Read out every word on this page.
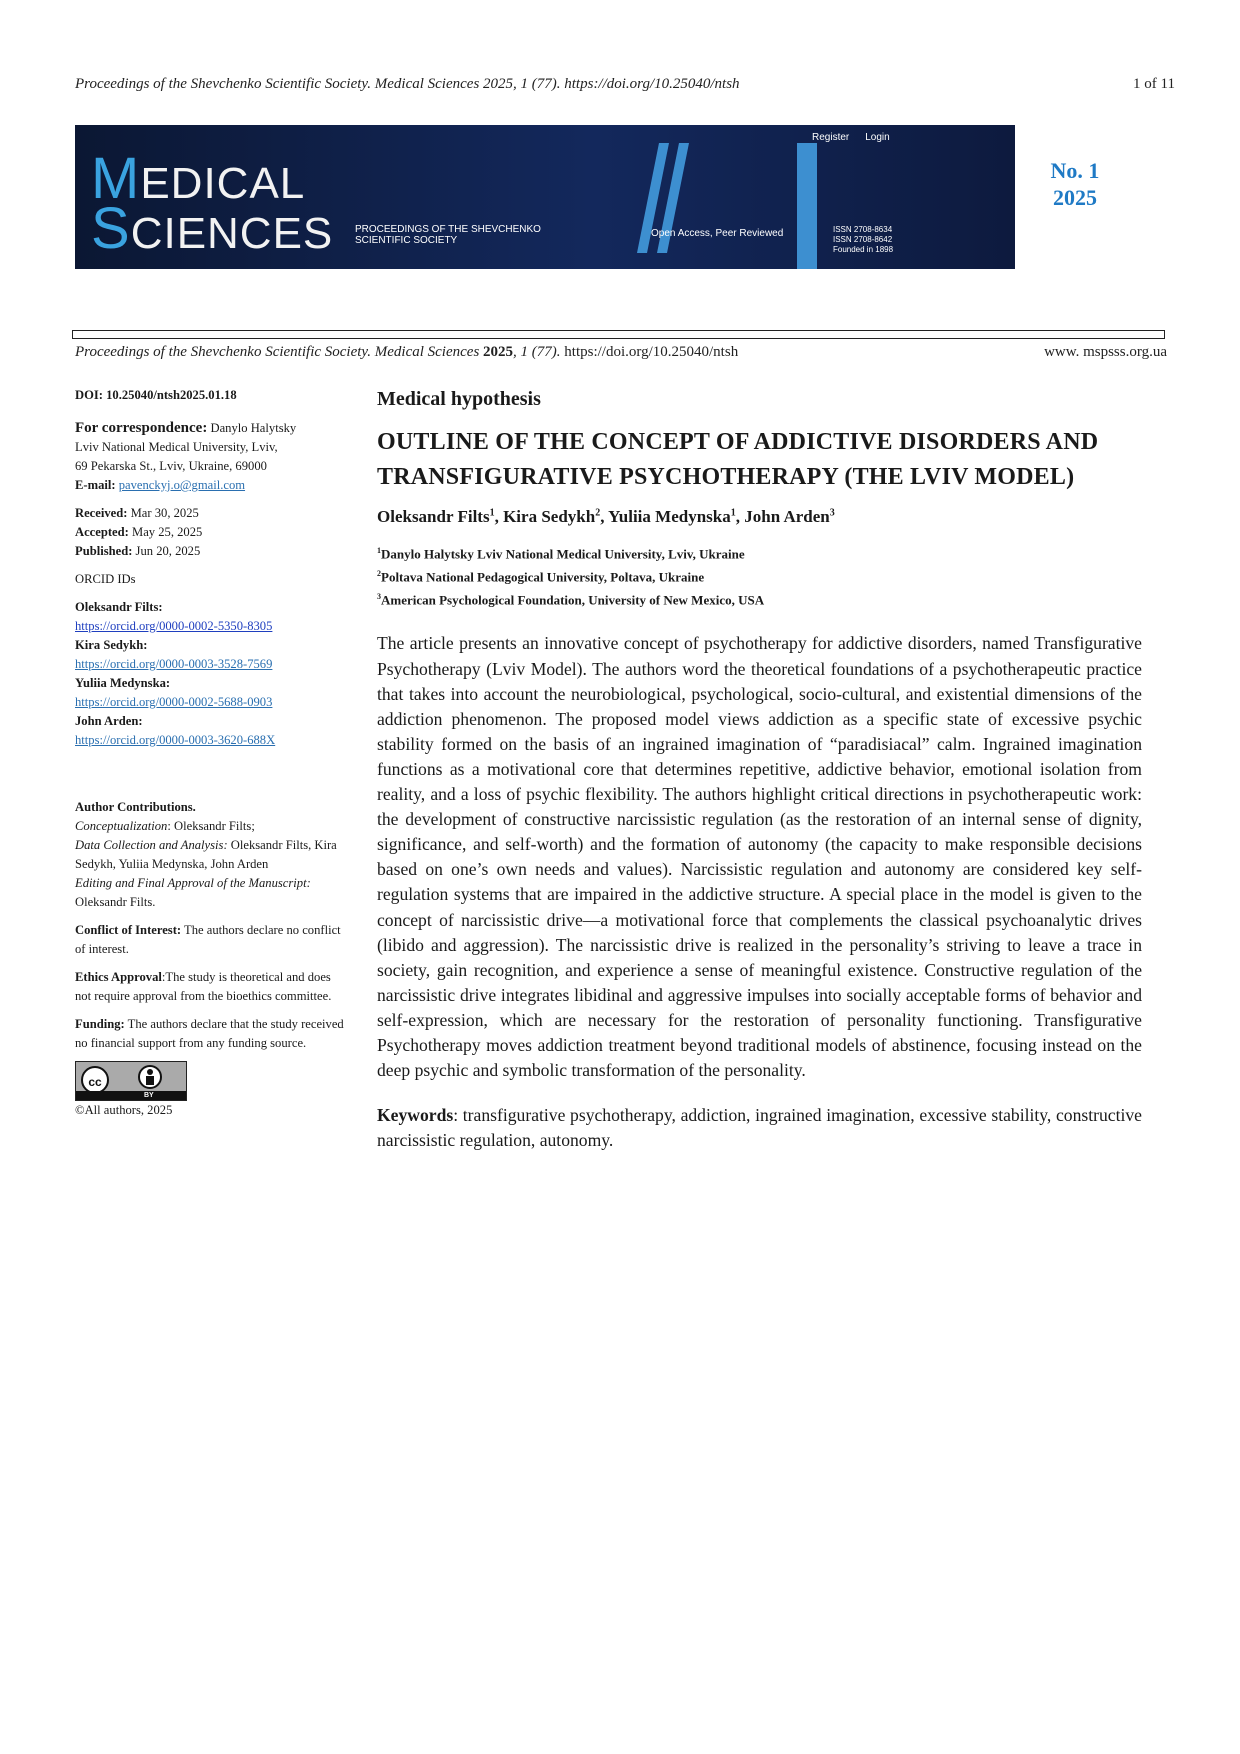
Proceedings of the Shevchenko Scientific Society. Medical Sciences 2025, 1 (77). https://doi.org/10.25040/ntsh	1 of 11
MEDICAL
SCIENCES PROCEEDINGS OF THE SHEVCHENKO
SCIENTIFIC SOCIETY
Open Access, Peer Reviewed
Register Login
ISSN 2708-8634
ISSN 2708-8642
Founded in 1898
No. 1
2025
Proceedings of the Shevchenko Scientific Society. Medical Sciences 2025, 1 (77). https://doi.org/10.25040/ntsh	www. mspsss.org.ua

DOI: 10.25040/ntsh2025.01.18

For correspondence: Danylo Halytsky

Lviv National Medical University, Lviv,

69 Pekarska St., Lviv, Ukraine, 69000

E-mail: pavenckyj.o@gmail.com

Received: Mar 30, 2025

Accepted: May 25, 2025

Published: Jun 20, 2025

ORCID IDs

Oleksandr Filts:

https://orcid.org/0000-0002-5350-8305

Kira Sedykh:

https://orcid.org/0000-0003-3528-7569

Yuliia Medynska:

https://orcid.org/0000-0002-5688-0903

John Arden:

https://orcid.org/0000-0003-3620-688X

Author Contributions.

Conceptualization: Oleksandr Filts;

Data Collection and Analysis: Oleksandr Filts, Kira Sedykh, Yuliia Medynska, John Arden

Editing and Final Approval of the Manuscript: Oleksandr Filts.

Conflict of Interest: The authors declare no conflict of interest.

Ethics Approval:The study is theoretical and does not require approval from the bioethics committee.

Funding: The authors declare that the study received no financial support from any funding source.

cc
BY

©All authors, 2025

Medical hypothesis

OUTLINE OF THE CONCEPT OF ADDICTIVE DISORDERS AND TRANSFIGURATIVE PSYCHOTHERAPY (THE LVIV MODEL)

Oleksandr Filts$^1$, Kira Sedykh$^2$, Yuliia Medynska$^1$, John Arden$^3$

$^1$Danylo Halytsky Lviv National Medical University, Lviv, Ukraine

$^2$Poltava National Pedagogical University, Poltava, Ukraine

$^3$American Psychological Foundation, University of New Mexico, USA

The article presents an innovative concept of psychotherapy for addictive disorders, named Transfigurative Psychotherapy (Lviv Model). The authors word the theoretical foundations of a psychotherapeutic practice that takes into account the neurobiological, psychological, socio-cultural, and existential dimensions of the addiction phenomenon. The proposed model views addiction as a specific state of excessive psychic stability formed on the basis of an ingrained imagination of “paradisiacal” calm. Ingrained imagination functions as a motivational core that determines repetitive, addictive behavior, emotional isolation from reality, and a loss of psychic flexibility. The authors highlight critical directions in psychotherapeutic work: the development of constructive narcissistic regulation (as the restoration of an internal sense of dignity, significance, and self-worth) and the formation of autonomy (the capacity to make responsible decisions based on one’s own needs and values). Narcissistic regulation and autonomy are considered key self-regulation systems that are impaired in the addictive structure. A special place in the model is given to the concept of narcissistic drive—a motivational force that complements the classical psychoanalytic drives (libido and aggression). The narcissistic drive is realized in the personality’s striving to leave a trace in society, gain recognition, and experience a sense of meaningful existence. Constructive regulation of the narcissistic drive integrates libidinal and aggressive impulses into socially acceptable forms of behavior and self-expression, which are necessary for the restoration of personality functioning. Transfigurative Psychotherapy moves addiction treatment beyond traditional models of abstinence, focusing instead on the deep psychic and symbolic transformation of the personality.

Keywords: transfigurative psychotherapy, addiction, ingrained imagination, excessive stability, constructive narcissistic regulation, autonomy.
